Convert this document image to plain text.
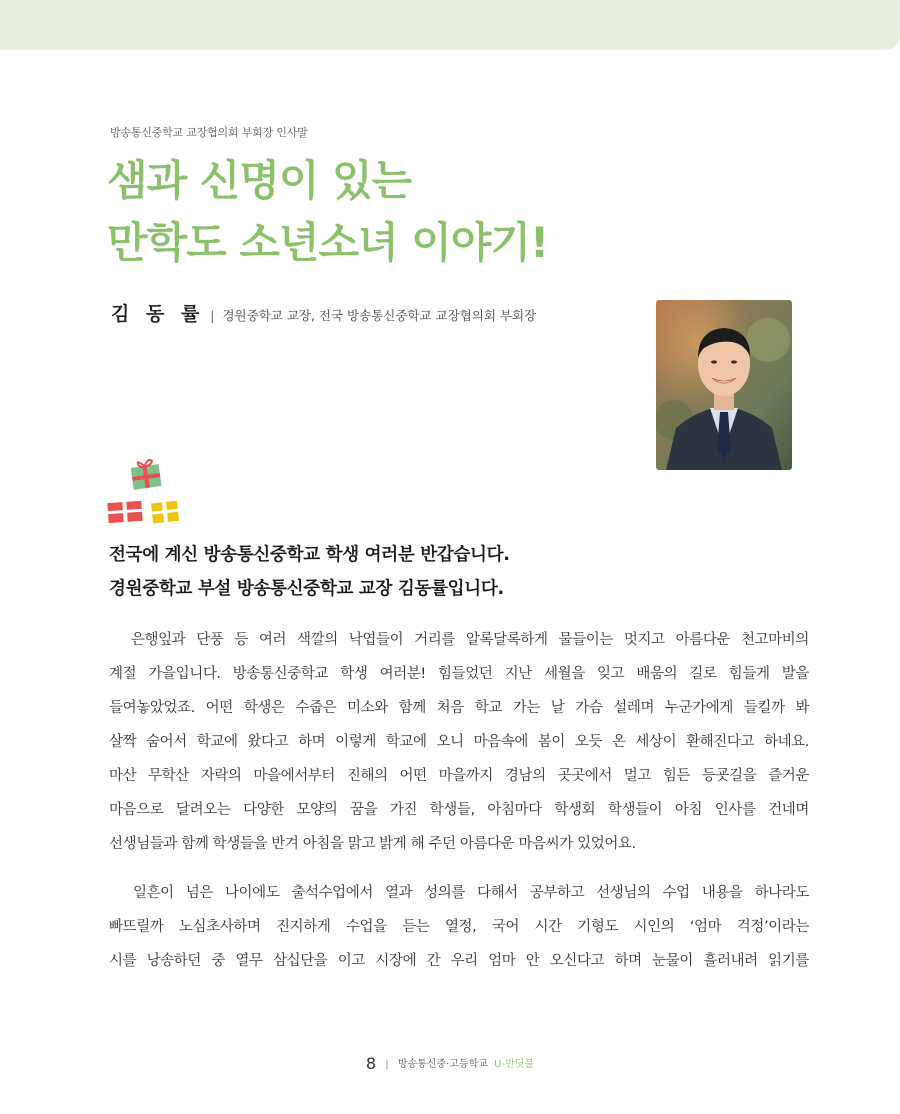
방송통신중학교 교장협의회 부회장 인사말
샘과 신명이 있는
만학도 소년소녀 이야기!
김 동 률 | 경원중학교 교장, 전국 방송통신중학교 교장협의회 부회장
전국에 계신 방송통신중학교 학생 여러분 반갑습니다.
경원중학교 부설 방송통신중학교 교장 김동률입니다.
은행잎과 단풍 등 여러 색깔의 낙엽들이 거리를 알록달록하게 물들이는 멋지고 아름다운 천고마비의
계절 가을입니다. 방송통신중학교 학생 여러분! 힘들었던 지난 세월을 잊고 배움의 길로 힘들게 발을
들여놓았었죠. 어떤 학생은 수줍은 미소와 함께 처음 학교 가는 날 가슴 설레며 누군가에게 들킬까 봐
살짝 숨어서 학교에 왔다고 하며 이렇게 학교에 오니 마음속에 봄이 오듯 온 세상이 환해진다고 하네요.
마산 무학산 자락의 마을에서부터 진해의 어떤 마을까지 경남의 곳곳에서 멀고 힘든 등굣길을 즐거운
마음으로 달려오는 다양한 모양의 꿈을 가진 학생들, 아침마다 학생회 학생들이 아침 인사를 건네며
선생님들과 함께 학생들을 반겨 아침을 맑고 밝게 해 주던 아름다운 마음씨가 있었어요.
일흔이 넘은 나이에도 출석수업에서 열과 성의를 다해서 공부하고 선생님의 수업 내용을 하나라도
빠뜨릴까 노심초사하며 진지하게 수업을 듣는 열정, 국어 시간 기형도 시인의 ‘엄마 걱정’이라는
시를 낭송하던 중 열무 삼십단을 이고 시장에 간 우리 엄마 안 오신다고 하며 눈물이 흘러내려 읽기를
8 | 방송통신중·고등학교 U-반딧불
